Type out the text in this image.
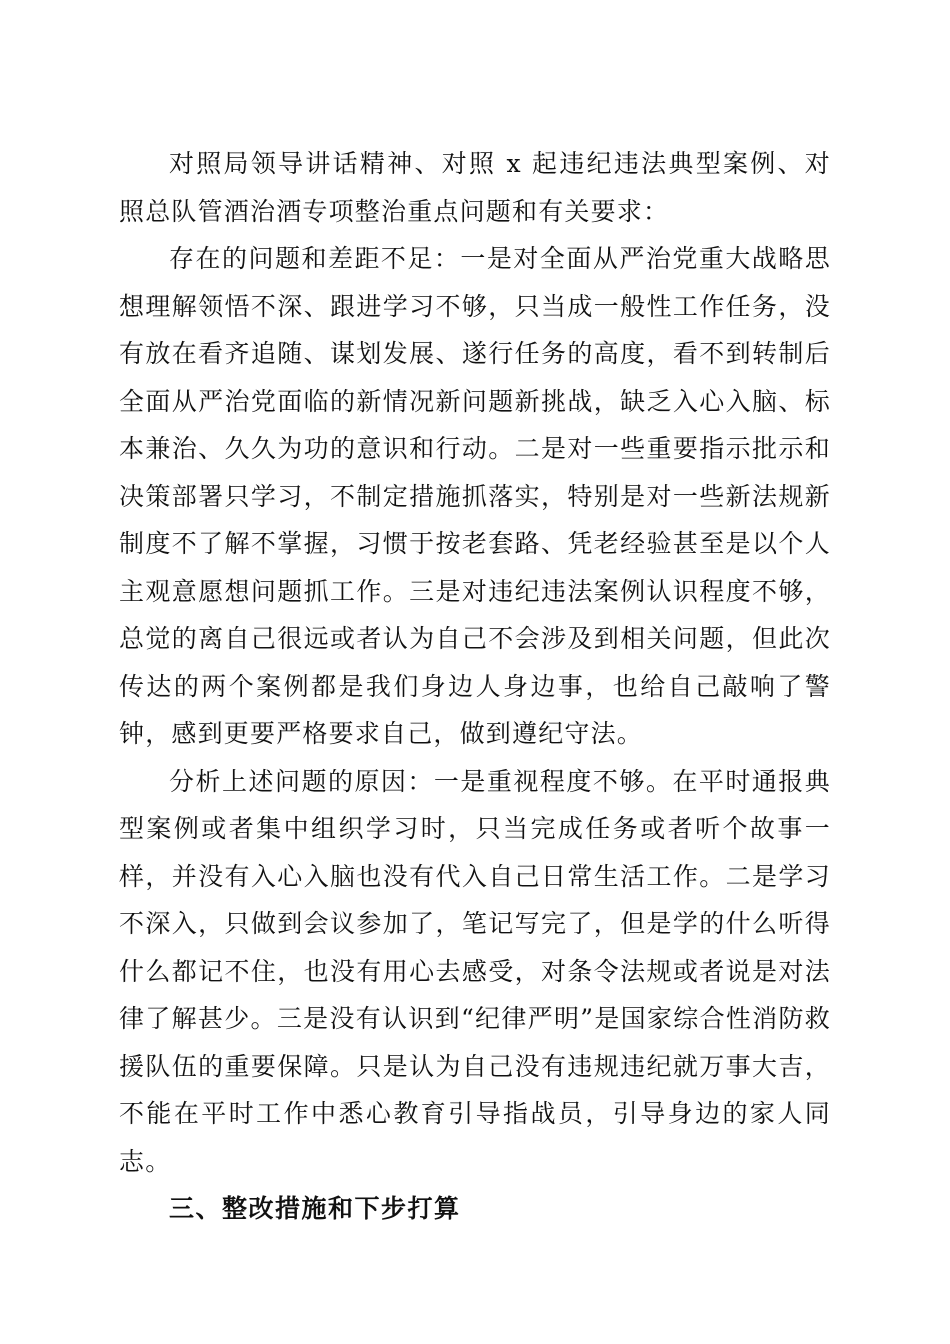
对照局领导讲话精神、对照 x 起违纪违法典型案例、对照总队管酒治酒专项整治重点问题和有关要求：

存在的问题和差距不足：一是对全面从严治党重大战略思想理解领悟不深、跟进学习不够，只当成一般性工作任务，没有放在看齐追随、谋划发展、遂行任务的高度，看不到转制后全面从严治党面临的新情况新问题新挑战，缺乏入心入脑、标本兼治、久久为功的意识和行动。二是对一些重要指示批示和决策部署只学习，不制定措施抓落实，特别是对一些新法规新制度不了解不掌握，习惯于按老套路、凭老经验甚至是以个人主观意愿想问题抓工作。三是对违纪违法案例认识程度不够，总觉的离自己很远或者认为自己不会涉及到相关问题，但此次传达的两个案例都是我们身边人身边事，也给自己敲响了警钟，感到更要严格要求自己，做到遵纪守法。

分析上述问题的原因：一是重视程度不够。在平时通报典型案例或者集中组织学习时，只当完成任务或者听个故事一样，并没有入心入脑也没有代入自己日常生活工作。二是学习不深入，只做到会议参加了，笔记写完了，但是学的什么听得什么都记不住，也没有用心去感受，对条令法规或者说是对法律了解甚少。三是没有认识到“纪律严明”是国家综合性消防救援队伍的重要保障。只是认为自己没有违规违纪就万事大吉，不能在平时工作中悉心教育引导指战员，引导身边的家人同志。

三、整改措施和下步打算
